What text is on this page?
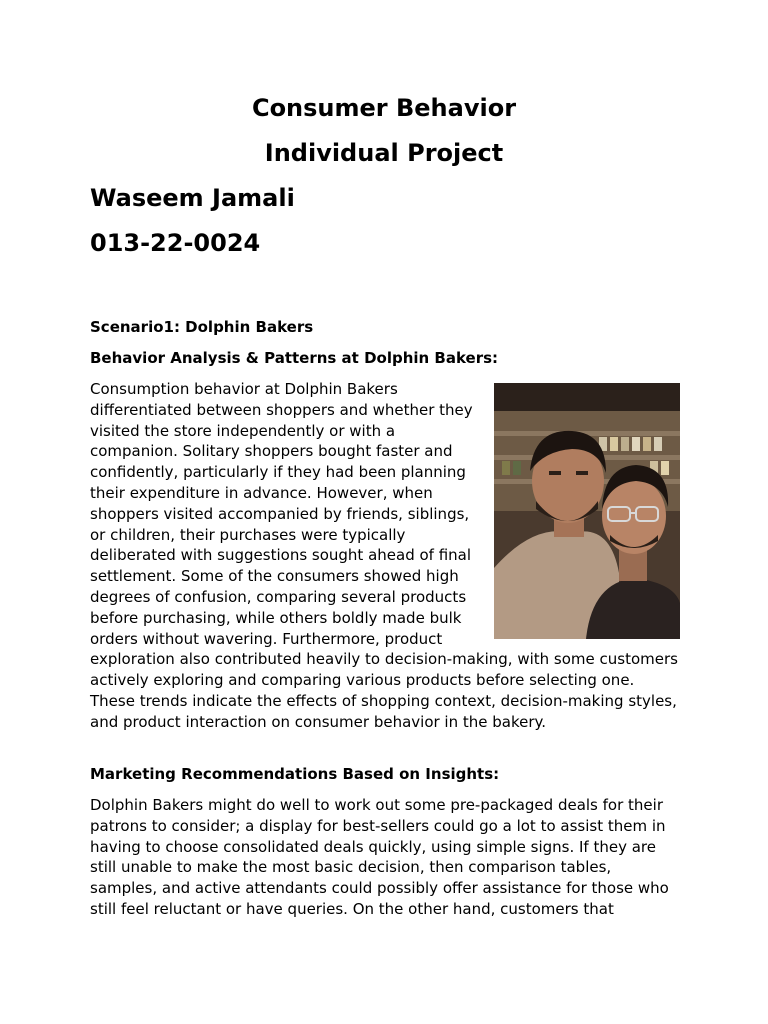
Consumer Behavior
Individual Project

Waseem Jamali

013-22-0024

Scenario1: Dolphin Bakers

Behavior Analysis & Patterns at Dolphin Bakers:

Consumption behavior at Dolphin Bakers differentiated between shoppers and whether they visited the store independently or with a companion. Solitary shoppers bought faster and confidently, particularly if they had been planning their expenditure in advance. However, when shoppers visited accompanied by friends, siblings, or children, their purchases were typically deliberated with suggestions sought ahead of final settlement. Some of the consumers showed high degrees of confusion, comparing several products before purchasing, while others boldly made bulk orders without wavering. Furthermore, product exploration also contributed heavily to decision-making, with some customers actively exploring and comparing various products before selecting one. These trends indicate the effects of shopping context, decision-making styles, and product interaction on consumer behavior in the bakery.

Marketing Recommendations Based on Insights:

Dolphin Bakers might do well to work out some pre-packaged deals for their patrons to consider; a display for best-sellers could go a lot to assist them in having to choose consolidated deals quickly, using simple signs. If they are still unable to make the most basic decision, then comparison tables, samples, and active attendants could possibly offer assistance for those who still feel reluctant or have queries. On the other hand, customers that
